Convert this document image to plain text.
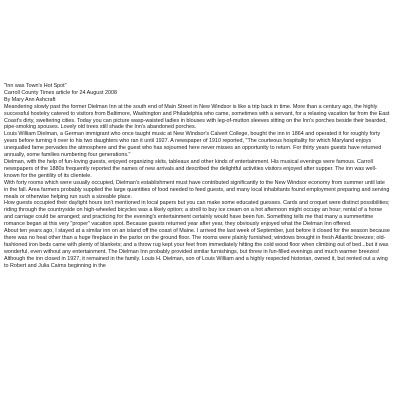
"Inn was Town's Hot Spot"

Carroll County Times article for 24 August 2008

By Mary Ann Ashcraft

Meandering slowly past the former Dielman Inn at the south end of Main Street in New Windsor is like a trip back in time. More than a century ago, the highly successful hostelry catered to visitors from Baltimore, Washington and Philadelphia who came, sometimes with a servant, for a relaxing vacation far from the East Coast's dirty, sweltering cities. Today you can picture wasp-waisted ladies in blouses with leg-of-mutton sleeves sitting on the Inn's porches beside their bearded, pipe-smoking spouses. Lovely old trees still shade the Inn's abandoned porches.

Louis William Dielman, a German immigrant who once taught music at New Windsor's Calvert College, bought the inn in 1864 and operated it for roughly forty years before turning it over to his two daughters who ran it until 1927. A newspaper of 1910 reported, "The courteous hospitality for which Maryland enjoys unequalled fame pervades the atmosphere and the guest who has sojourned here never misses an opportunity to return. For thirty years guests have returned annually, some families numbering four generations."

Dielman, with the help of fun-loving guests, enjoyed organizing skits, tableaux and other kinds of entertainment. His musical evenings were famous. Carroll newspapers of the 1880s frequently reported the names of new arrivals and described the delightful activities visitors enjoyed after supper. The inn was well-known for the gentility of its clientele.

With forty rooms which were usually occupied, Dielman's establishment must have contributed significantly to the New Windsor economy from summer until late in the fall. Area farmers probably supplied the large quantities of food needed to feed guests, and many local inhabitants found employment preparing and serving meals or otherwise helping run such a sizeable place.

How guests occupied their daylight hours isn't mentioned in local papers but you can make some educated guesses. Cards and croquet were distinct possibilities; riding through the countryside on high-wheeled bicycles was a likely option; a stroll to buy ice cream on a hot afternoon might occupy an hour; rental of a horse and carriage could be arranged; and practicing for the evening's entertainment certainly would have been fun. Something tells me that many a summertime romance began at this very "proper" vacation spot. Because guests returned year after year, they obviously enjoyed what the Dielman Inn offered.

About ten years ago, I stayed at a similar inn on an island off the coast of Maine. I arrived the last week of September, just before it closed for the season because there was no heat other than a huge fireplace in the parlor on the ground floor. The rooms were plainly furnished; windows brought in fresh Atlantic breezes; old-fashioned iron beds came with plenty of blankets; and a throw rug kept your feet from immediately hitting the cold wood floor when climbing out of bed...but it was wonderful, even without any entertainment. The Dielman Inn probably provided similar furnishings, but threw in fun-filled evenings and much warmer breezes!

Although the inn closed in 1927, it remained in the family. Louis H. Dielman, son of Louis William and a highly respected historian, owned it, but rented out a wing to Robert and Julia Cairns beginning in the
